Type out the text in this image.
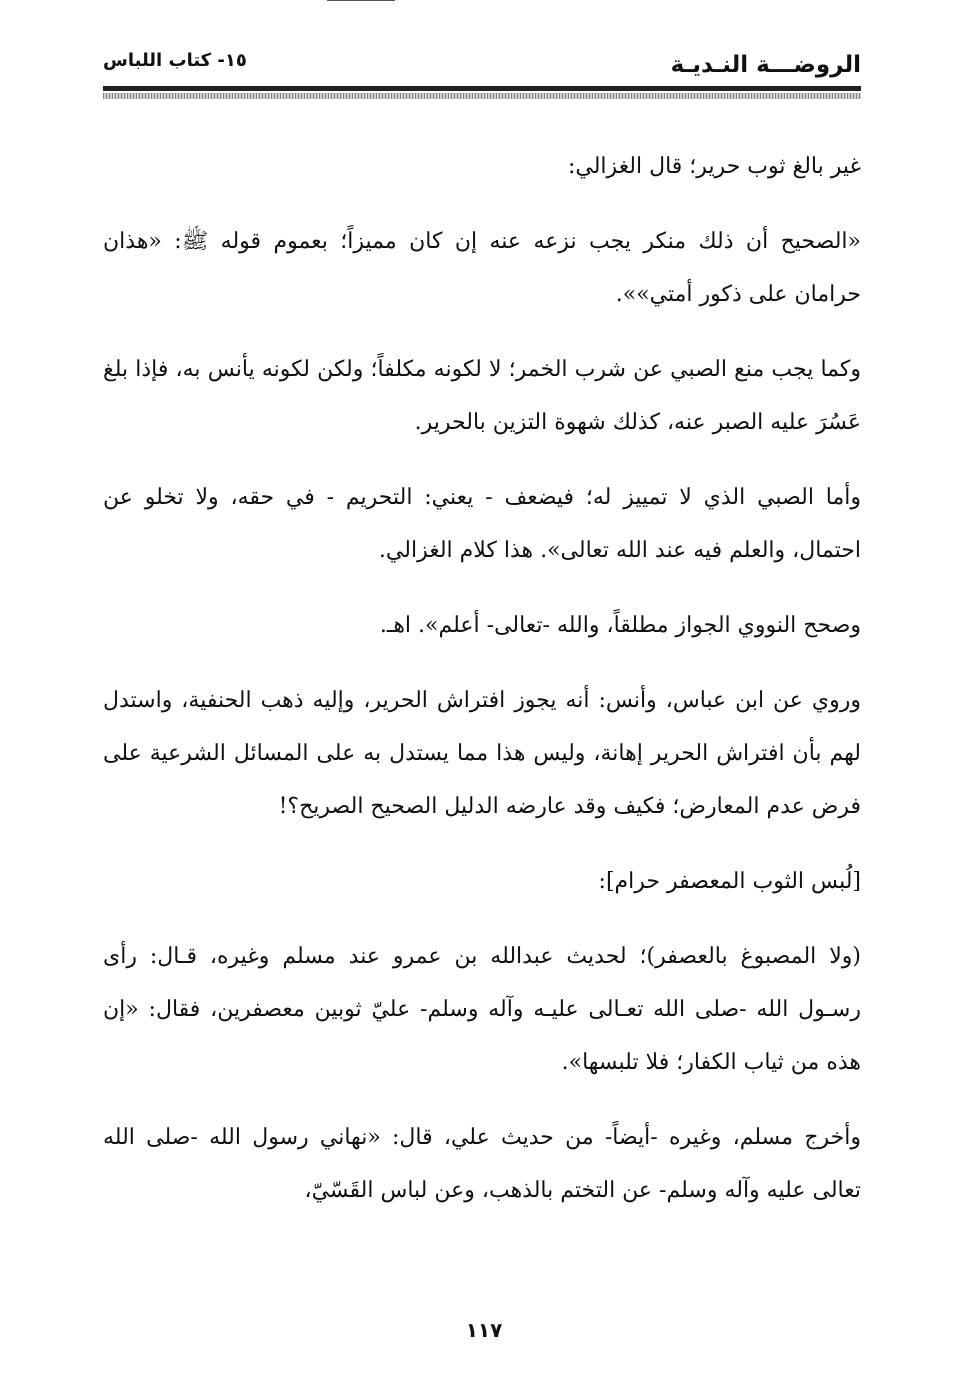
الروضـــة النـديـة
١٥- كتاب اللباس

غير بالغ ثوب حرير؛ قال الغزالي:

«الصحيح أن ذلك منكر يجب نزعه عنه إن كان مميزاً؛ بعموم قوله ﷺ: «هذان حرامان على ذكور أمتي»».

وكما يجب منع الصبي عن شرب الخمر؛ لا لكونه مكلفاً؛ ولكن لكونه يأنس به، فإذا بلغ عَسُرَ عليه الصبر عنه، كذلك شهوة التزين بالحرير.

وأما الصبي الذي لا تمييز له؛ فيضعف - يعني: التحريم - في حقه، ولا تخلو عن احتمال، والعلم فيه عند الله تعالى». هذا كلام الغزالي.

وصحح النووي الجواز مطلقاً، والله -تعالى- أعلم». اهـ.

وروي عن ابن عباس، وأنس: أنه يجوز افتراش الحرير، وإليه ذهب الحنفية، واستدل لهم بأن افتراش الحرير إهانة، وليس هذا مما يستدل به على المسائل الشرعية على فرض عدم المعارض؛ فكيف وقد عارضه الدليل الصحيح الصريح؟!

[لُبس الثوب المعصفر حرام]:

(ولا المصبوغ بالعصفر)؛ لحديث عبدالله بن عمرو عند مسلم وغيره، قـال: رأى رسـول الله -صلى الله تعـالى عليـه وآله وسلم- عليّ ثوبين معصفرين، فقال: «إن هذه من ثياب الكفار؛ فلا تلبسها».

وأخرج مسلم، وغيره -أيضاً- من حديث علي، قال: «نهاني رسول الله -صلى الله تعالى عليه وآله وسلم- عن التختم بالذهب، وعن لباس القَسّيّ،

١١٧
